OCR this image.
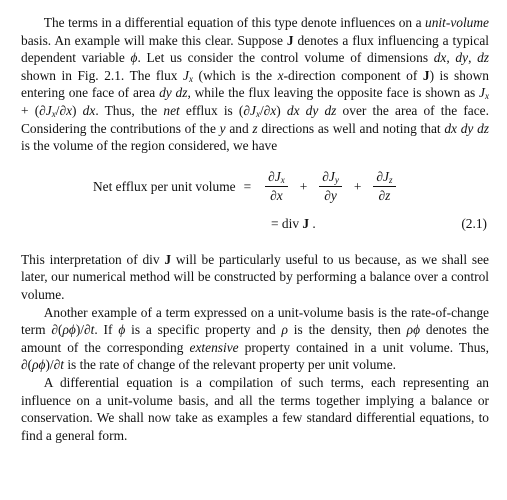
The terms in a differential equation of this type denote influences on a unit-volume basis. An example will make this clear. Suppose J denotes a flux influencing a typical dependent variable ϕ. Let us consider the control volume of dimensions dx, dy, dz shown in Fig. 2.1. The flux $J_x$ (which is the x-direction component of J) is shown entering one face of area dy dz, while the flux leaving the opposite face is shown as $J_x + (\partial J_x/\partial x)$ dx. Thus, the net efflux is $(\partial J_x/\partial x)$ dx dy dz over the area of the face. Considering the contributions of the y and z directions as well and noting that dx dy dz is the volume of the region considered, we have

Net efflux per unit volume = $\frac{\partial J_x}{\partial x} + \frac{\partial J_y}{\partial y} + \frac{\partial J_z}{\partial z}$
= div J .	(2.1)

This interpretation of div J will be particularly useful to us because, as we shall see later, our numerical method will be constructed by performing a balance over a control volume.

Another example of a term expressed on a unit-volume basis is the rate-of-change term ∂(ρϕ)/∂t. If ϕ is a specific property and ρ is the density, then ρϕ denotes the amount of the corresponding extensive property contained in a unit volume. Thus, ∂(ρϕ)/∂t is the rate of change of the relevant property per unit volume.

A differential equation is a compilation of such terms, each representing an influence on a unit-volume basis, and all the terms together implying a balance or conservation. We shall now take as examples a few standard differential equations, to find a general form.
